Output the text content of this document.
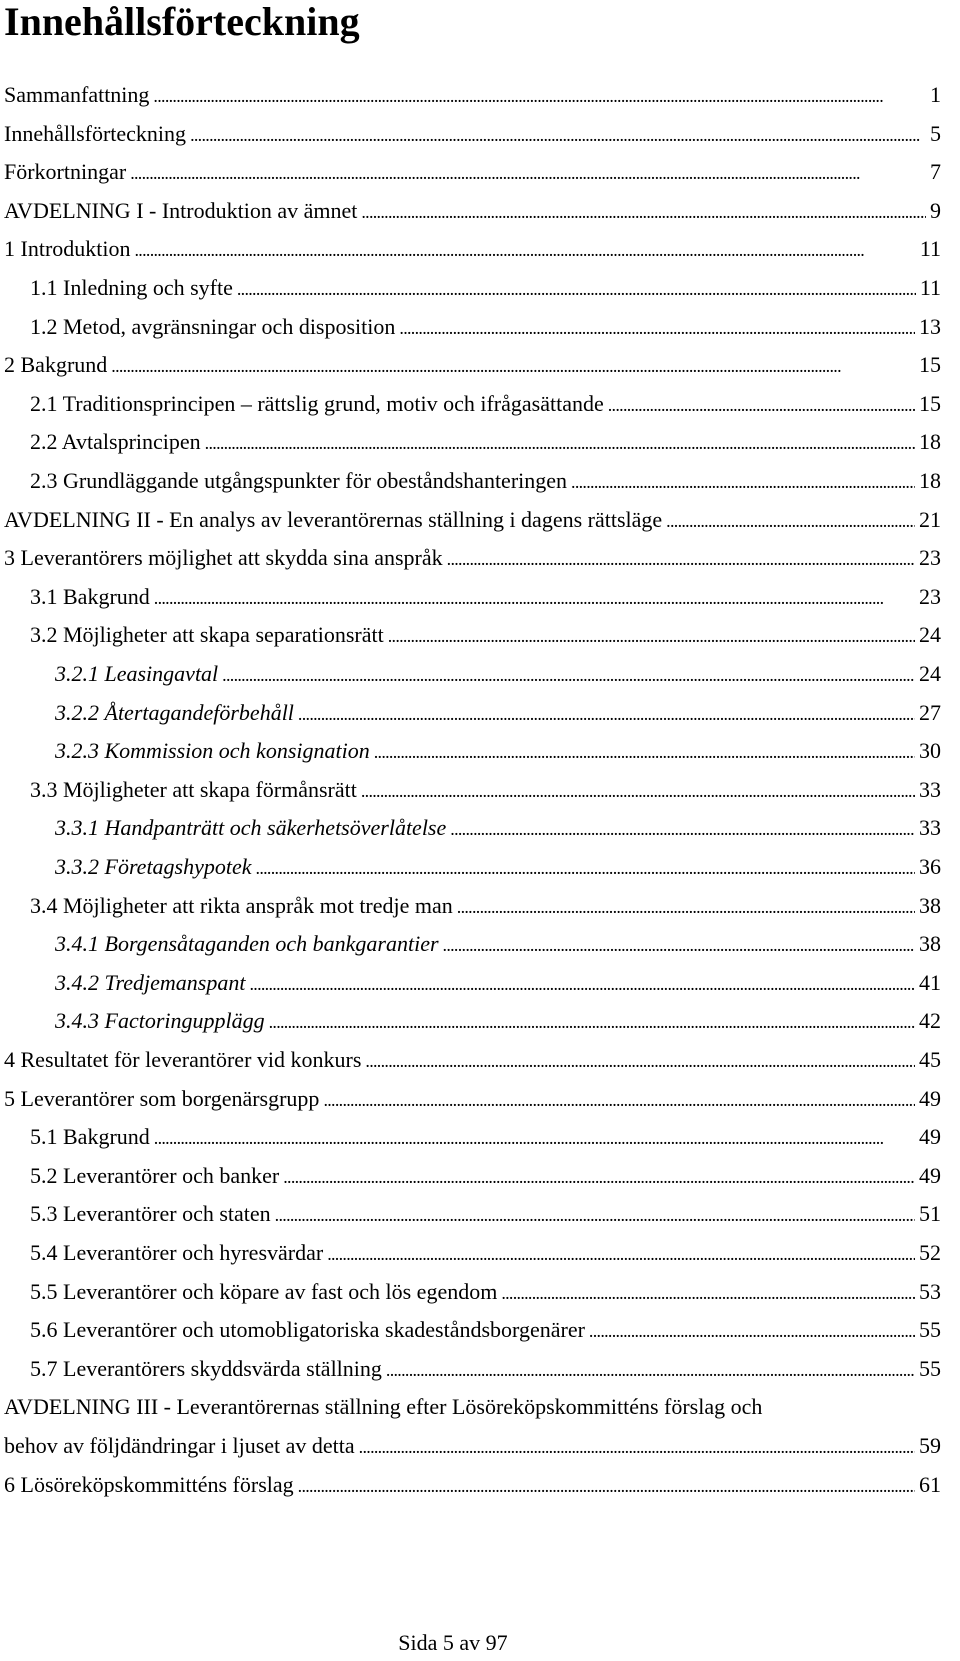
Innehållsförteckning
Sammanfattning . . .	1
Innehållsförteckning . . .	5
Förkortningar . . .	7
AVDELNING I - Introduktion av ämnet . . .	9
1 Introduktion . . .	11
1.1 Inledning och syfte . . .	11
1.2 Metod, avgränsningar och disposition . . .	13
2 Bakgrund . . .	15
2.1 Traditionsprincipen – rättslig grund, motiv och ifrågasättande . . .	15
2.2 Avtalsprincipen . . .	18
2.3 Grundläggande utgångspunkter för obeståndshanteringen . . .	18
AVDELNING II - En analys av leverantörernas ställning i dagens rättsläge . . .	21
3 Leverantörers möjlighet att skydda sina anspråk . . .	23
3.1 Bakgrund . . .	23
3.2 Möjligheter att skapa separationsrätt . . .	24
3.2.1 Leasingavtal . . .	24
3.2.2 Återtagandeförbehåll . . .	27
3.2.3 Kommission och konsignation . . .	30
3.3 Möjligheter att skapa förmånsrätt . . .	33
3.3.1 Handpanträtt och säkerhetsöverlåtelse . . .	33
3.3.2 Företagshypotek . . .	36
3.4 Möjligheter att rikta anspråk mot tredje man . . .	38
3.4.1 Borgensåtaganden och bankgarantier . . .	38
3.4.2 Tredjemanspant . . .	41
3.4.3 Factoringupplägg . . .	42
4 Resultatet för leverantörer vid konkurs . . .	45
5 Leverantörer som borgenärsgrupp . . .	49
5.1 Bakgrund . . .	49
5.2 Leverantörer och banker . . .	49
5.3 Leverantörer och staten . . .	51
5.4 Leverantörer och hyresvärdar . . .	52
5.5 Leverantörer och köpare av fast och lös egendom . . .	53
5.6 Leverantörer och utomobligatoriska skadeståndsborgenärer . . .	55
5.7 Leverantörers skyddsvärda ställning . . .	55
AVDELNING III - Leverantörernas ställning efter Lösöreköpskommitténs förslag och
behov av följdändringar i ljuset av detta . . .	59
6 Lösöreköpskommitténs förslag . . .	61
Sida 5 av 97
